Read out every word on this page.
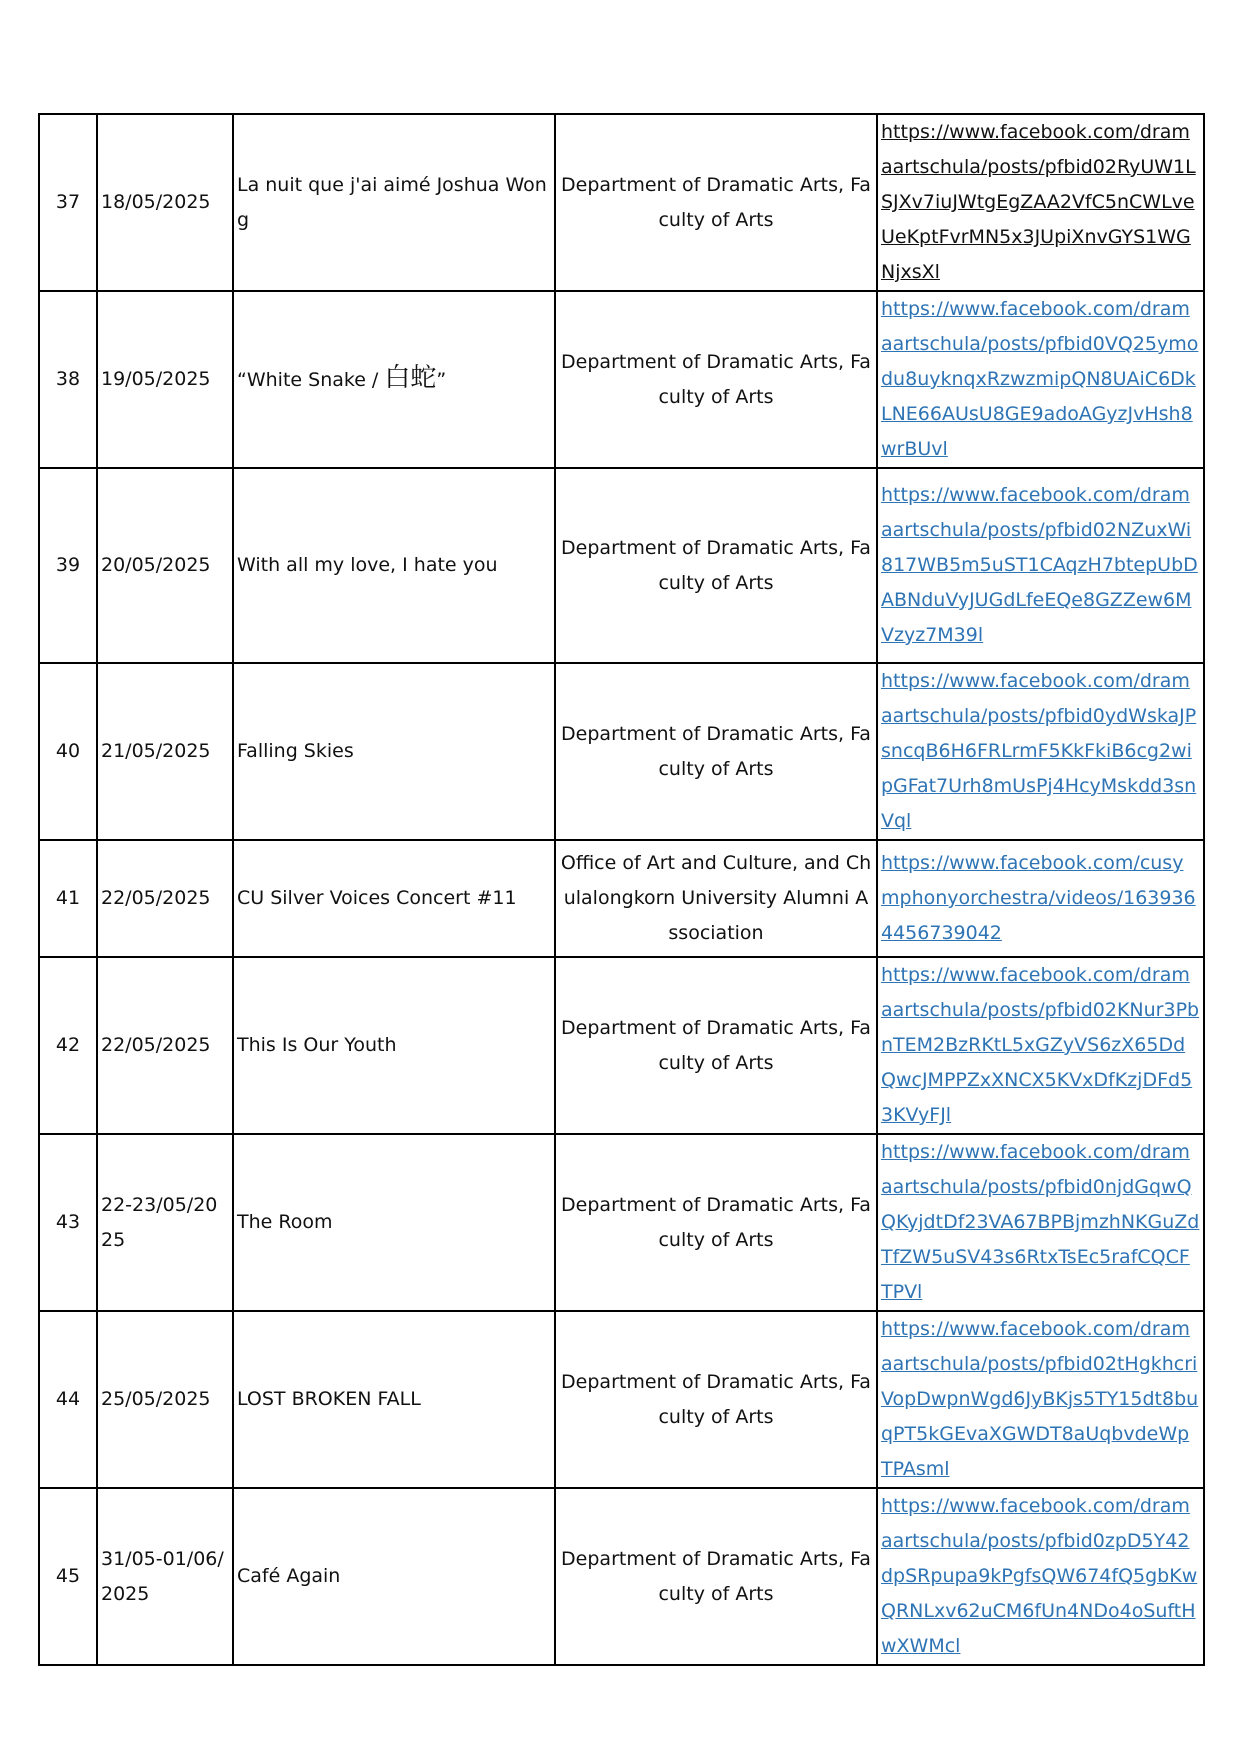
37	18/05/2025	La nuit que j'ai aimé Joshua Wong	Department of Dramatic Arts, Faculty of Arts	https://www.facebook.com/dramaartschula/posts/pfbid02RyUW1LSJXv7iuJWtgEgZAA2VfC5nCWLveUeKptFvrMN5x3JUpiXnvGYS1WGNjxsXl
38	19/05/2025	“White Snake / 白蛇”	Department of Dramatic Arts, Faculty of Arts	https://www.facebook.com/dramaartschula/posts/pfbid0VQ25ymodu8uyknqxRzwzmipQN8UAiC6DkLNE66AUsU8GE9adoAGyzJvHsh8wrBUvl
39	20/05/2025	With all my love, I hate you	Department of Dramatic Arts, Faculty of Arts	https://www.facebook.com/dramaartschula/posts/pfbid02NZuxWi817WB5m5uST1CAqzH7btepUbDABNduVyJUGdLfeEQe8GZZew6MVzyz7M39l
40	21/05/2025	Falling Skies	Department of Dramatic Arts, Faculty of Arts	https://www.facebook.com/dramaartschula/posts/pfbid0ydWskaJPsncqB6H6FRLrmF5KkFkiB6cg2wipGFat7Urh8mUsPj4HcyMskdd3snVql
41	22/05/2025	CU Silver Voices Concert #11	Office of Art and Culture, and Chulalongkorn University Alumni Association	https://www.facebook.com/cusymphonyorchestra/videos/1639364456739042
42	22/05/2025	This Is Our Youth	Department of Dramatic Arts, Faculty of Arts	https://www.facebook.com/dramaartschula/posts/pfbid02KNur3PbnTEM2BzRKtL5xGZyVS6zX65DdQwcJMPPZxXNCX5KVxDfKzjDFd53KVyFJl
43	22-23/05/2025	The Room	Department of Dramatic Arts, Faculty of Arts	https://www.facebook.com/dramaartschula/posts/pfbid0njdGqwQQKyjdtDf23VA67BPBjmzhNKGuZdTfZW5uSV43s6RtxTsEc5rafCQCFTPVl
44	25/05/2025	LOST BROKEN FALL	Department of Dramatic Arts, Faculty of Arts	https://www.facebook.com/dramaartschula/posts/pfbid02tHgkhcriVopDwpnWgd6JyBKjs5TY15dt8buqPT5kGEvaXGWDT8aUqbvdeWpTPAsml
45	31/05-01/06/2025	Café Again	Department of Dramatic Arts, Faculty of Arts	https://www.facebook.com/dramaartschula/posts/pfbid0zpD5Y42dpSRpupa9kPgfsQW674fQ5gbKwQRNLxv62uCM6fUn4NDo4oSuftHwXWMcl
